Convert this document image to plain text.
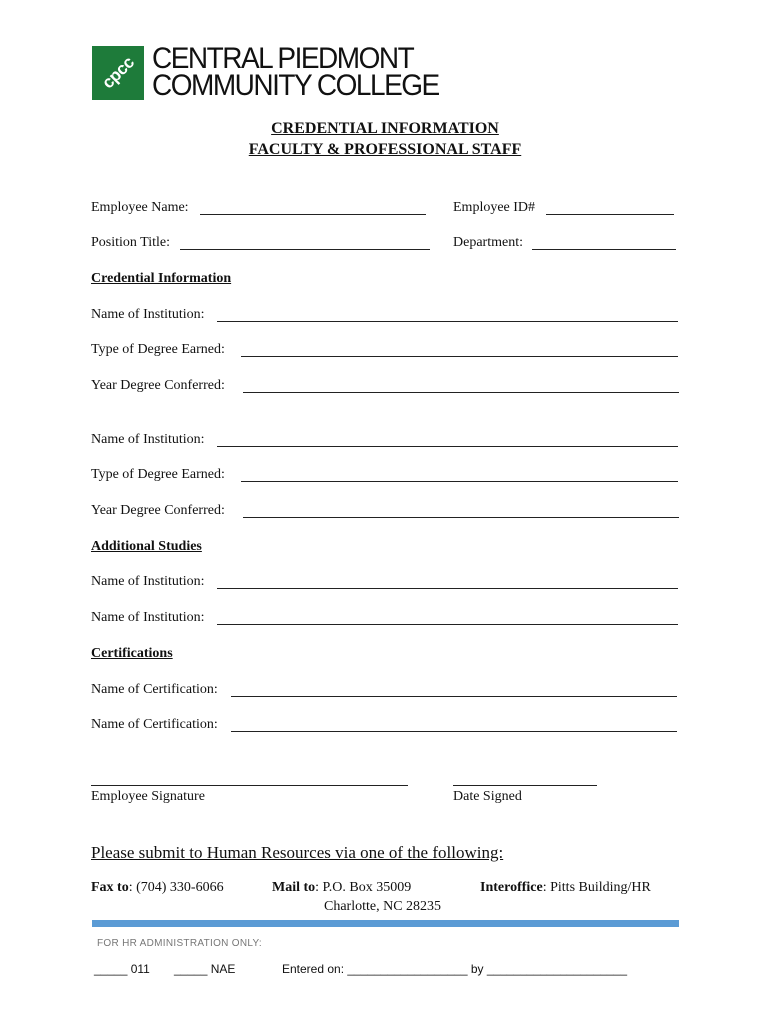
cpcc CENTRAL PIEDMONT
COMMUNITY COLLEGE
CREDENTIAL INFORMATION
FACULTY & PROFESSIONAL STAFF
Employee Name:	Employee ID#
Position Title:	Department:
Credential Information
Name of Institution:
Type of Degree Earned:
Year Degree Conferred:
Name of Institution:
Type of Degree Earned:
Year Degree Conferred:
Additional Studies
Name of Institution:
Name of Institution:
Certifications
Name of Certification:
Name of Certification:
Employee Signature	Date Signed
Please submit to Human Resources via one of the following:
Fax to: (704) 330-6066	Mail to: P.O. Box 35009
Charlotte, NC 28235
Interoffice: Pitts Building/HR
FOR HR ADMINISTRATION ONLY:
_____ 011 _____ NAE	Entered on: __________________ by _____________________
